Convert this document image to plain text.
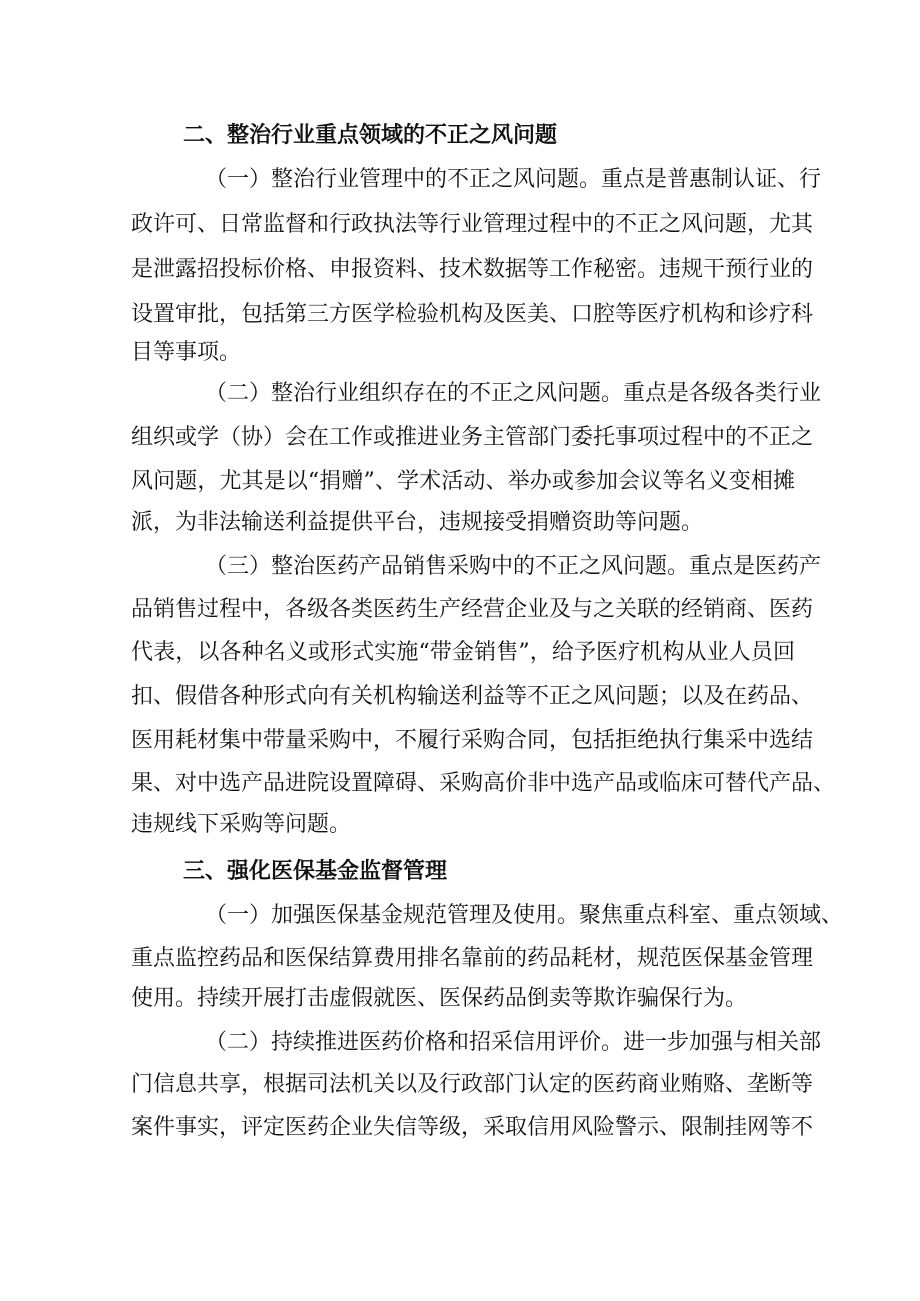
二、整治行业重点领域的不正之风问题
（一）整治行业管理中的不正之风问题。重点是普惠制认证、行
政许可、日常监督和行政执法等行业管理过程中的不正之风问题，尤其
是泄露招投标价格、申报资料、技术数据等工作秘密。违规干预行业的
设置审批，包括第三方医学检验机构及医美、口腔等医疗机构和诊疗科
目等事项。
（二）整治行业组织存在的不正之风问题。重点是各级各类行业
组织或学（协）会在工作或推进业务主管部门委托事项过程中的不正之
风问题，尤其是以“捐赠”、学术活动、举办或参加会议等名义变相摊
派，为非法输送利益提供平台，违规接受捐赠资助等问题。
（三）整治医药产品销售采购中的不正之风问题。重点是医药产
品销售过程中，各级各类医药生产经营企业及与之关联的经销商、医药
代表，以各种名义或形式实施“带金销售”，给予医疗机构从业人员回
扣、假借各种形式向有关机构输送利益等不正之风问题；以及在药品、
医用耗材集中带量采购中，不履行采购合同，包括拒绝执行集采中选结
果、对中选产品进院设置障碍、采购高价非中选产品或临床可替代产品、
违规线下采购等问题。
三、强化医保基金监督管理
（一）加强医保基金规范管理及使用。聚焦重点科室、重点领域、
重点监控药品和医保结算费用排名靠前的药品耗材，规范医保基金管理
使用。持续开展打击虚假就医、医保药品倒卖等欺诈骗保行为。
（二）持续推进医药价格和招采信用评价。进一步加强与相关部
门信息共享，根据司法机关以及行政部门认定的医药商业贿赂、垄断等
案件事实，评定医药企业失信等级，采取信用风险警示、限制挂网等不
